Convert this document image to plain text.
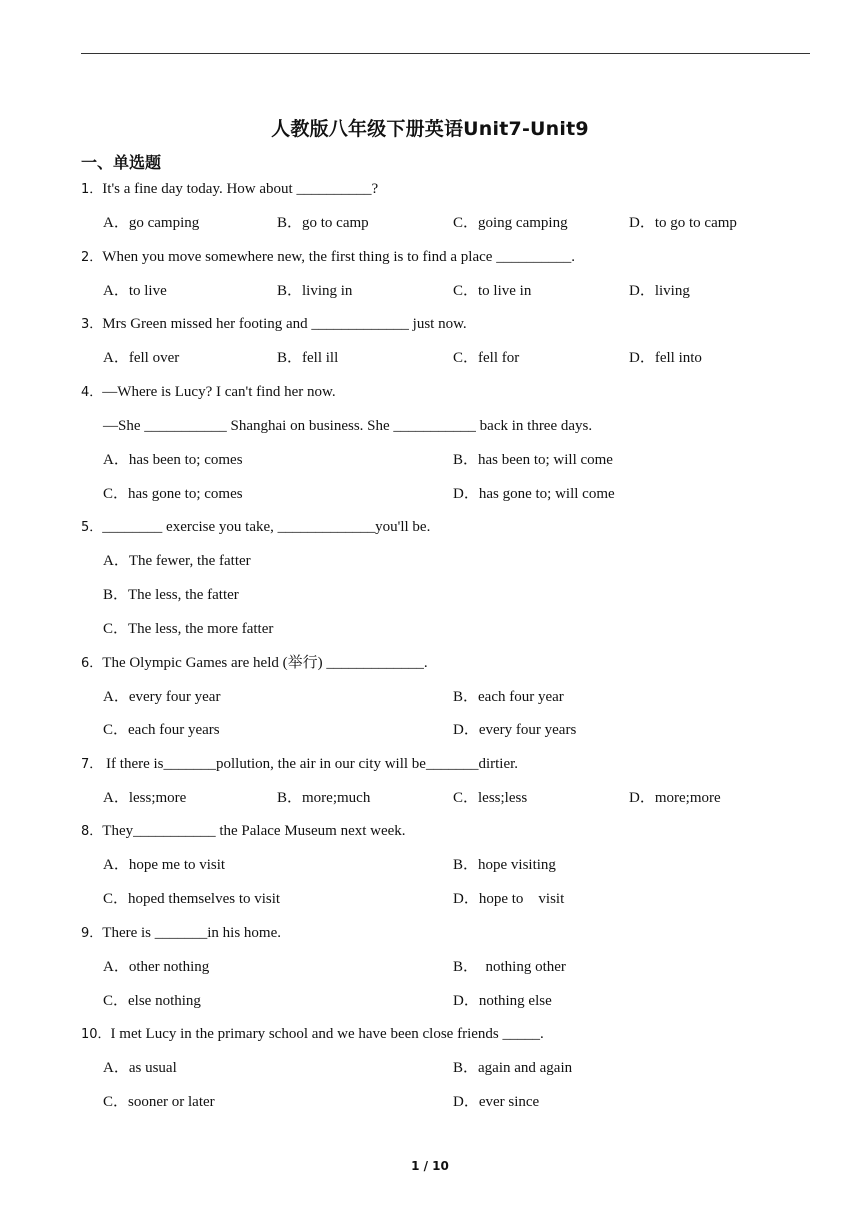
人教版八年级下册英语Unit7-Unit9
一、单选题
1．It's a fine day today. How about __________?
A．go camping	B．go to camp	C．going camping	D．to go to camp
2．When you move somewhere new, the first thing is to find a place __________.
A．to live	B．living in	C．to live in	D．living
3．Mrs Green missed her footing and _____________ just now.
A．fell over	B．fell ill	C．fell for	D．fell into
4．—Where is Lucy? I can't find her now.
—She ___________ Shanghai on business. She ___________ back in three days.
A．has been to; comes	B．has been to; will come
C．has gone to; comes	D．has gone to; will come
5．________ exercise you take, _____________you'll be.
A．The fewer, the fatter
B．The less, the fatter
C．The less, the more fatter
6．The Olympic Games are held (举行) _____________.
A．every four year	B．each four year
C．each four years	D．every four years
7． If there is_______pollution, the air in our city will be_______dirtier.
A．less;more	B．more;much	C．less;less	D．more;more
8．They___________ the Palace Museum next week.
A．hope me to visit	B．hope visiting
C．hoped themselves to visit	D．hope to    visit
9．There is _______in his home.
A．other nothing	B．  nothing other
C．else nothing	D．nothing else
10．I met Lucy in the primary school and we have been close friends _____.
A．as usual	B．again and again
C．sooner or later	D．ever since
1 / 10
